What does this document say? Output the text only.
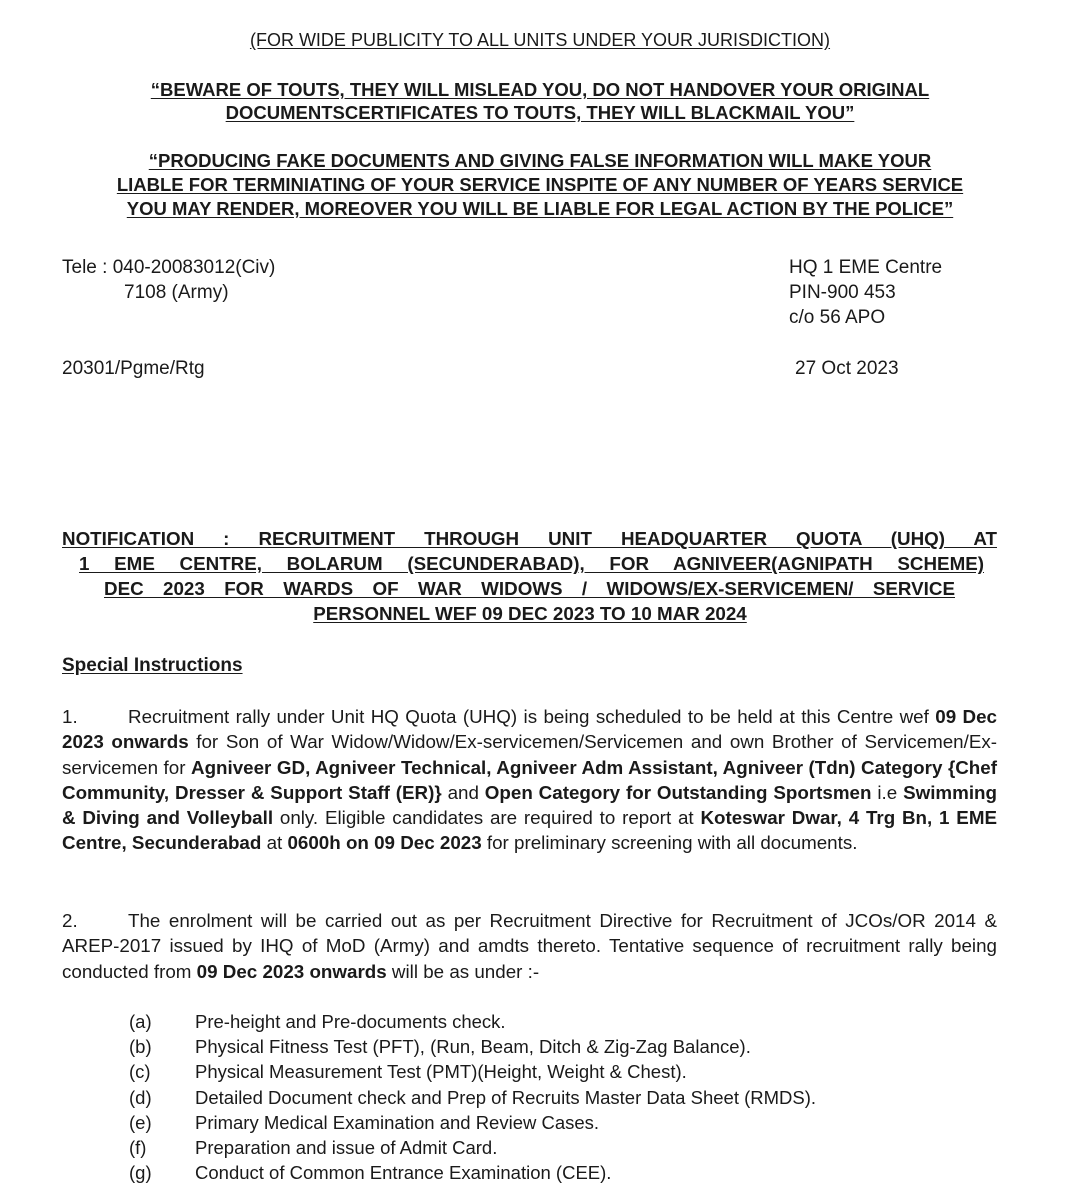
(FOR WIDE PUBLICITY TO ALL UNITS UNDER YOUR JURISDICTION)
“BEWARE OF TOUTS, THEY WILL MISLEAD YOU, DO NOT HANDOVER YOUR ORIGINAL
DOCUMENTSCERTIFICATES TO TOUTS, THEY WILL BLACKMAIL YOU”
“PRODUCING FAKE DOCUMENTS AND GIVING FALSE INFORMATION WILL MAKE YOUR
LIABLE FOR TERMINIATING OF YOUR SERVICE INSPITE OF ANY NUMBER OF YEARS SERVICE
YOU MAY RENDER, MOREOVER YOU WILL BE LIABLE FOR LEGAL ACTION BY THE POLICE”
Tele : 040-20083012(Civ)
7108 (Army)
HQ 1 EME Centre
PIN-900 453
c/o 56 APO
20301/Pgme/Rtg	27 Oct 2023
NOTIFICATION : RECRUITMENT THROUGH UNIT HEADQUARTER QUOTA (UHQ) AT
1 EME CENTRE, BOLARUM (SECUNDERABAD), FOR AGNIVEER(AGNIPATH SCHEME)
DEC 2023 FOR WARDS OF WAR WIDOWS / WIDOWS/EX-SERVICEMEN/ SERVICE
PERSONNEL WEF 09 DEC 2023 TO 10 MAR 2024
Special Instructions
1.	Recruitment rally under Unit HQ Quota (UHQ) is being scheduled to be held at this Centre wef 09 Dec 2023 onwards for Son of War Widow/Widow/Ex-servicemen/Servicemen and own Brother of Servicemen/Ex-servicemen for Agniveer GD, Agniveer Technical, Agniveer Adm Assistant, Agniveer (Tdn) Category {Chef Community, Dresser & Support Staff (ER)} and Open Category for Outstanding Sportsmen i.e Swimming & Diving and Volleyball only. Eligible candidates are required to report at Koteswar Dwar, 4 Trg Bn, 1 EME Centre, Secunderabad at 0600h on 09 Dec 2023 for preliminary screening with all documents.
2.	The enrolment will be carried out as per Recruitment Directive for Recruitment of JCOs/OR 2014 & AREP-2017 issued by IHQ of MoD (Army) and amdts thereto. Tentative sequence of recruitment rally being conducted from 09 Dec 2023 onwards will be as under :-
(a)	Pre-height and Pre-documents check.
(b)	Physical Fitness Test (PFT), (Run, Beam, Ditch & Zig-Zag Balance).
(c)	Physical Measurement Test (PMT)(Height, Weight & Chest).
(d)	Detailed Document check and Prep of Recruits Master Data Sheet (RMDS).
(e)	Primary Medical Examination and Review Cases.
(f)	Preparation and issue of Admit Card.
(g)	Conduct of Common Entrance Examination (CEE).
